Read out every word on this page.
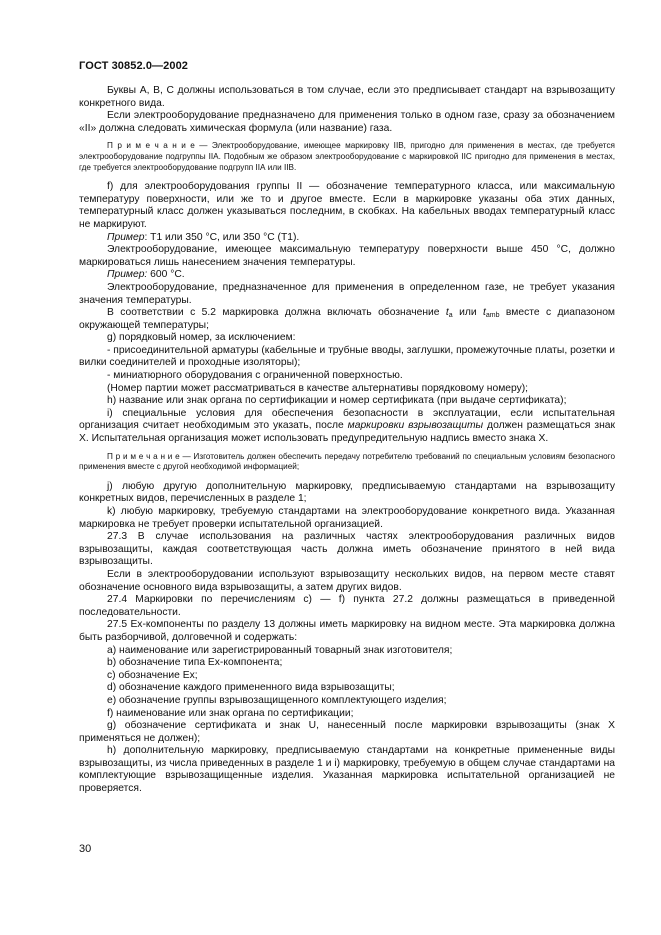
ГОСТ 30852.0—2002

Буквы А, В, С должны использоваться в том случае, если это предписывает стандарт на взрывозащиту конкретного вида.

Если электрооборудование предназначено для применения только в одном газе, сразу за обозначением «II» должна следовать химическая формула (или название) газа.

П р и м е ч а н и е — Электрооборудование, имеющее маркировку IIВ, пригодно для применения в местах, где требуется электрооборудование подгруппы IIА. Подобным же образом электрооборудование с маркировкой IIС пригодно для применения в местах, где требуется электрооборудование подгрупп IIА или IIВ.

f) для электрооборудования группы II — обозначение температурного класса, или максимальную температуру поверхности, или же то и другое вместе. Если в маркировке указаны оба этих данных, температурный класс должен указываться последним, в скобках. На кабельных вводах температурный класс не маркируют.

Пример: Т1 или 350 °С, или 350 °С (Т1).

Электрооборудование, имеющее максимальную температуру поверхности выше 450 °С, должно маркироваться лишь нанесением значения температуры.

Пример: 600 °С.

Электрооборудование, предназначенное для применения в определенном газе, не требует указания значения температуры.

В соответствии с 5.2 маркировка должна включать обозначение $t_a$ или $t_{amb}$ вместе с диапазоном окружающей температуры;

g) порядковый номер, за исключением:

- присоединительной арматуры (кабельные и трубные вводы, заглушки, промежуточные платы, розетки и вилки соединителей и проходные изоляторы);

- миниатюрного оборудования с ограниченной поверхностью.

(Номер партии может рассматриваться в качестве альтернативы порядковому номеру);

h) название или знак органа по сертификации и номер сертификата (при выдаче сертификата);

i) специальные условия для обеспечения безопасности в эксплуатации, если испытательная организация считает необходимым это указать, после маркировки взрывозащиты должен размещаться знак Х. Испытательная организация может использовать предупредительную надпись вместо знака Х.

П р и м е ч а н и е — Изготовитель должен обеспечить передачу потребителю требований по специальным условиям безопасного применения вместе с другой необходимой информацией;

j) любую другую дополнительную маркировку, предписываемую стандартами на взрывозащиту конкретных видов, перечисленных в разделе 1;

k) любую маркировку, требуемую стандартами на электрооборудование конкретного вида. Указанная маркировка не требует проверки испытательной организацией.

27.3 В случае использования на различных частях электрооборудования различных видов взрывозащиты, каждая соответствующая часть должна иметь обозначение принятого в ней вида взрывозащиты.

Если в электрооборудовании используют взрывозащиту нескольких видов, на первом месте ставят обозначение основного вида взрывозащиты, а затем других видов.

27.4 Маркировки по перечислениям с) — f) пункта 27.2 должны размещаться в приведенной последовательности.

27.5 Ех-компоненты по разделу 13 должны иметь маркировку на видном месте. Эта маркировка должна быть разборчивой, долговечной и содержать:

а) наименование или зарегистрированный товарный знак изготовителя;

b) обозначение типа Ех-компонента;

c) обозначение Ех;

d) обозначение каждого примененного вида взрывозащиты;

e) обозначение группы взрывозащищенного комплектующего изделия;

f) наименование или знак органа по сертификации;

g) обозначение сертификата и знак U, нанесенный после маркировки взрывозащиты (знак Х применяться не должен);

h) дополнительную маркировку, предписываемую стандартами на конкретные примененные виды взрывозащиты, из числа приведенных в разделе 1 и i) маркировку, требуемую в общем случае стандартами на комплектующие взрывозащищенные изделия. Указанная маркировка испытательной организацией не проверяется.

30
